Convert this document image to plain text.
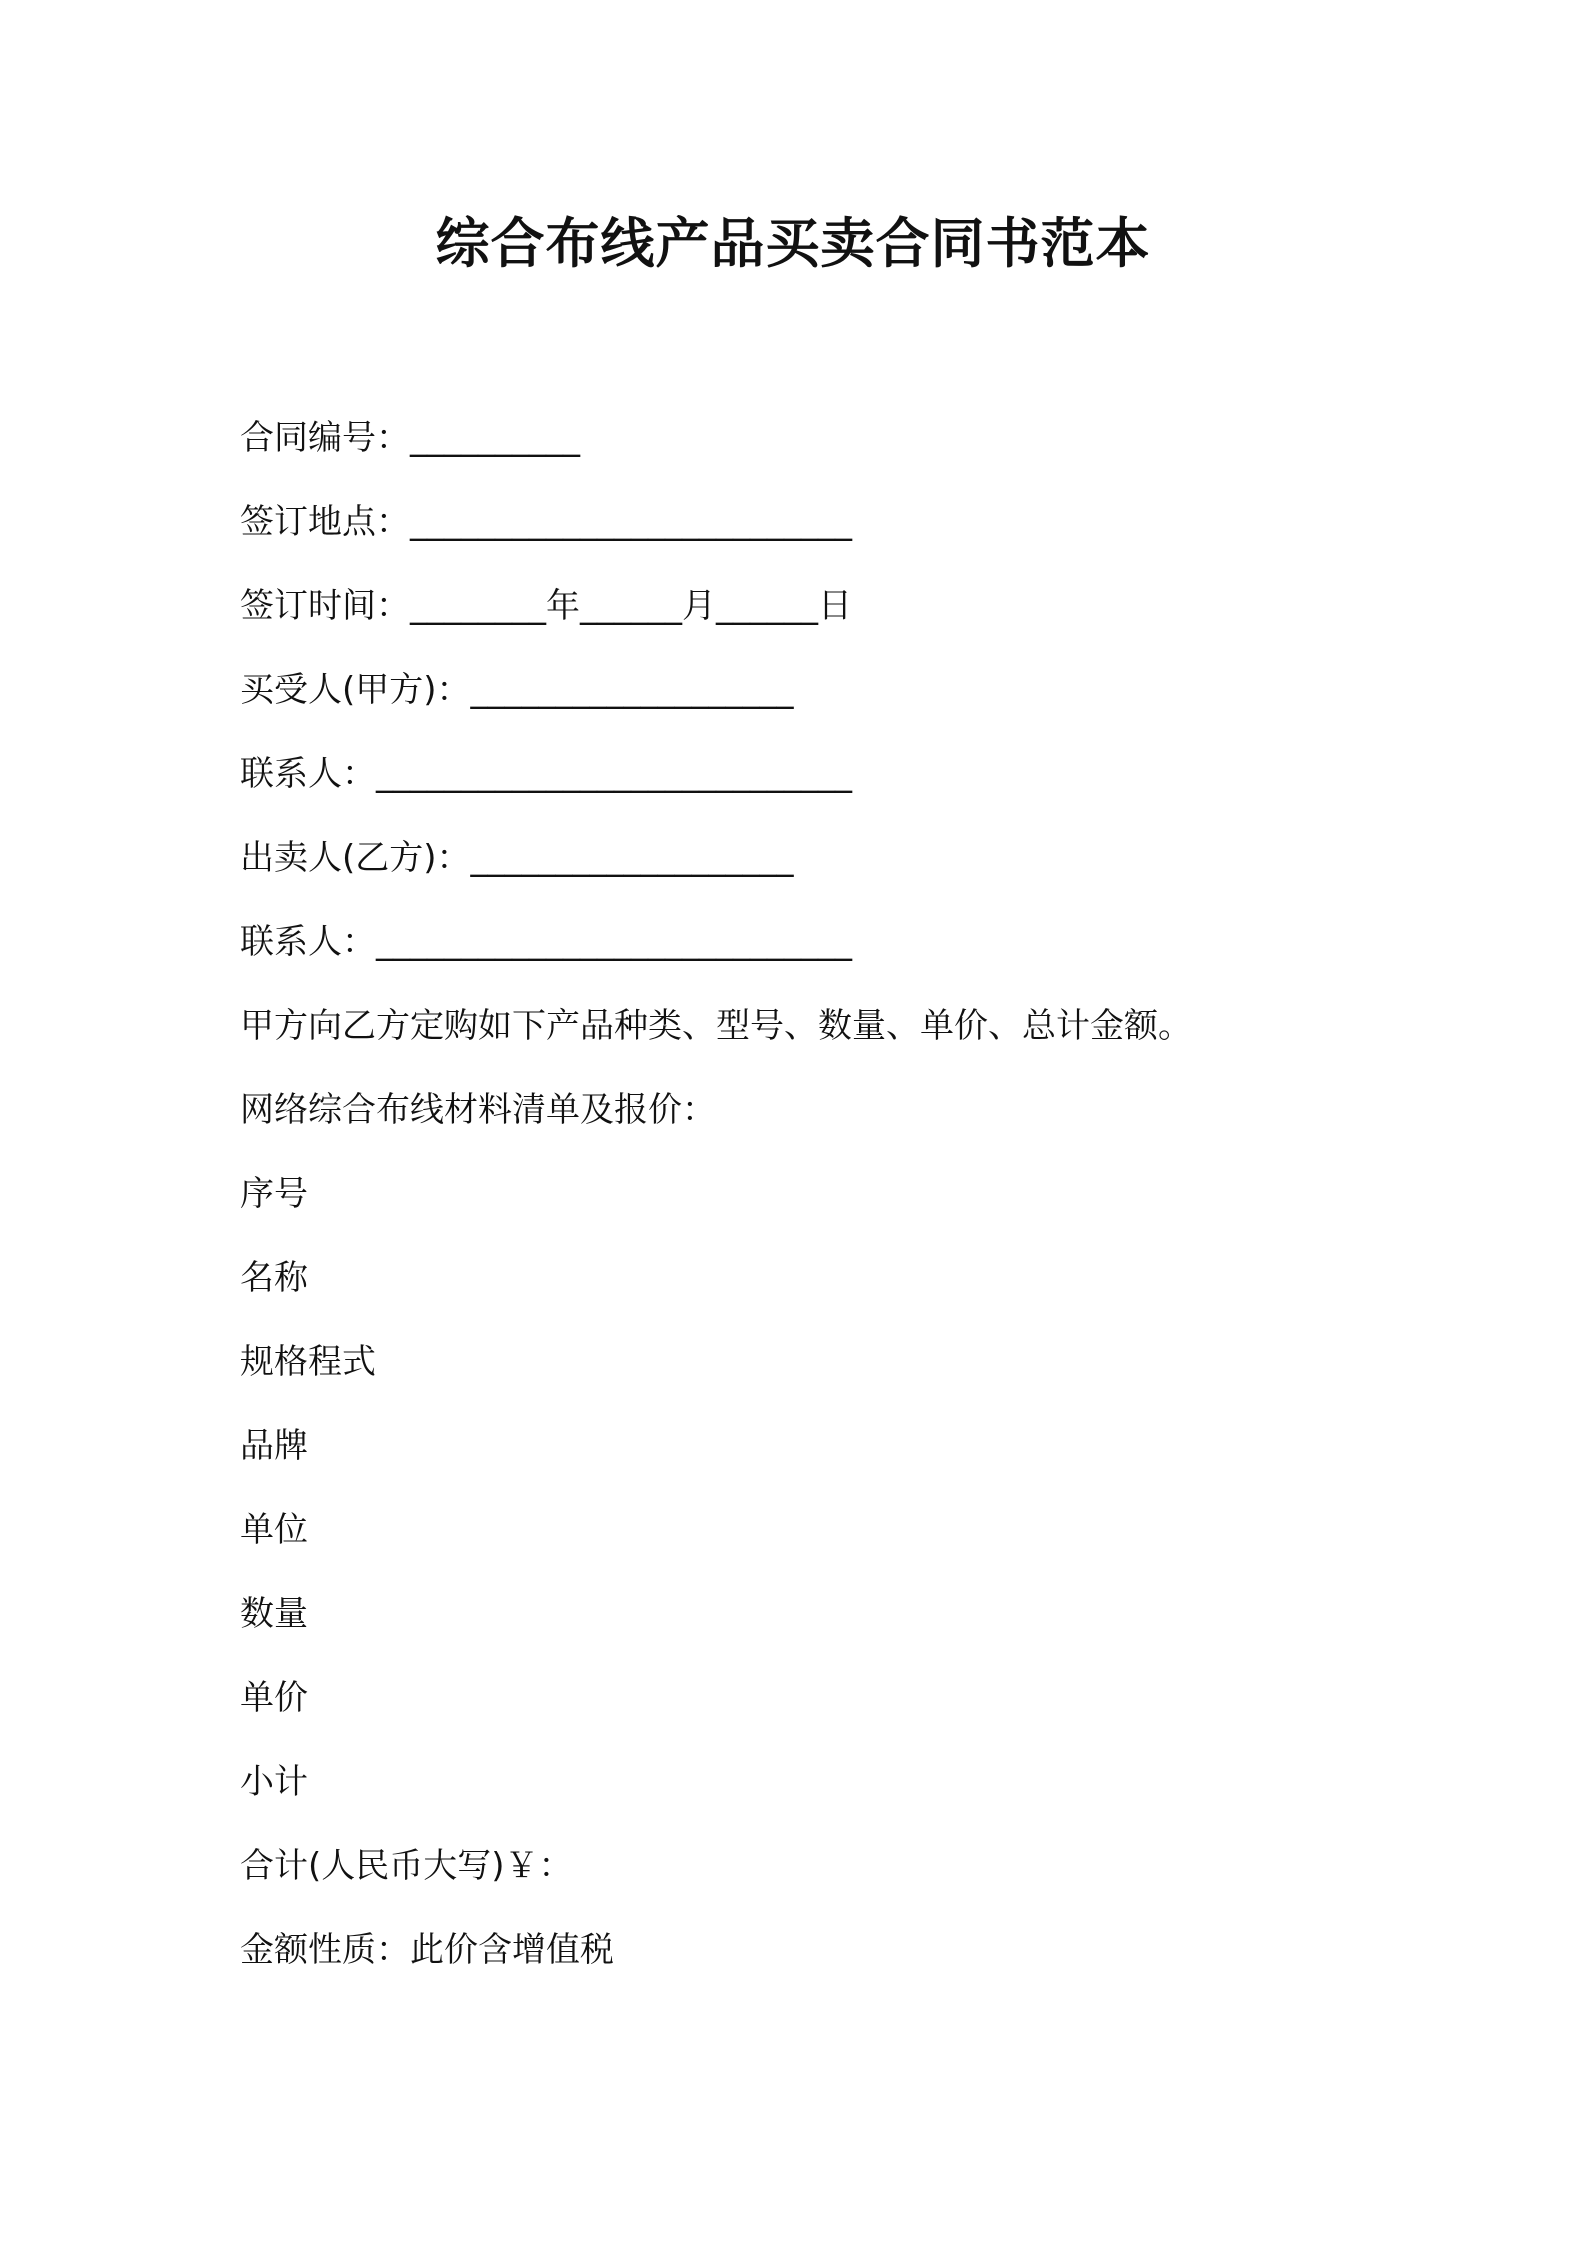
综合布线产品买卖合同书范本
合同编号：__________
签订地点：__________________________
签订时间：________年______月______日
买受人(甲方)：___________________
联系人：____________________________
出卖人(乙方)：___________________
联系人：____________________________
甲方向乙方定购如下产品种类、型号、数量、单价、总计金额。
网络综合布线材料清单及报价：
序号
名称
规格程式
品牌
单位
数量
单价
小计
合计(人民币大写)￥：
金额性质：此价含增值税
